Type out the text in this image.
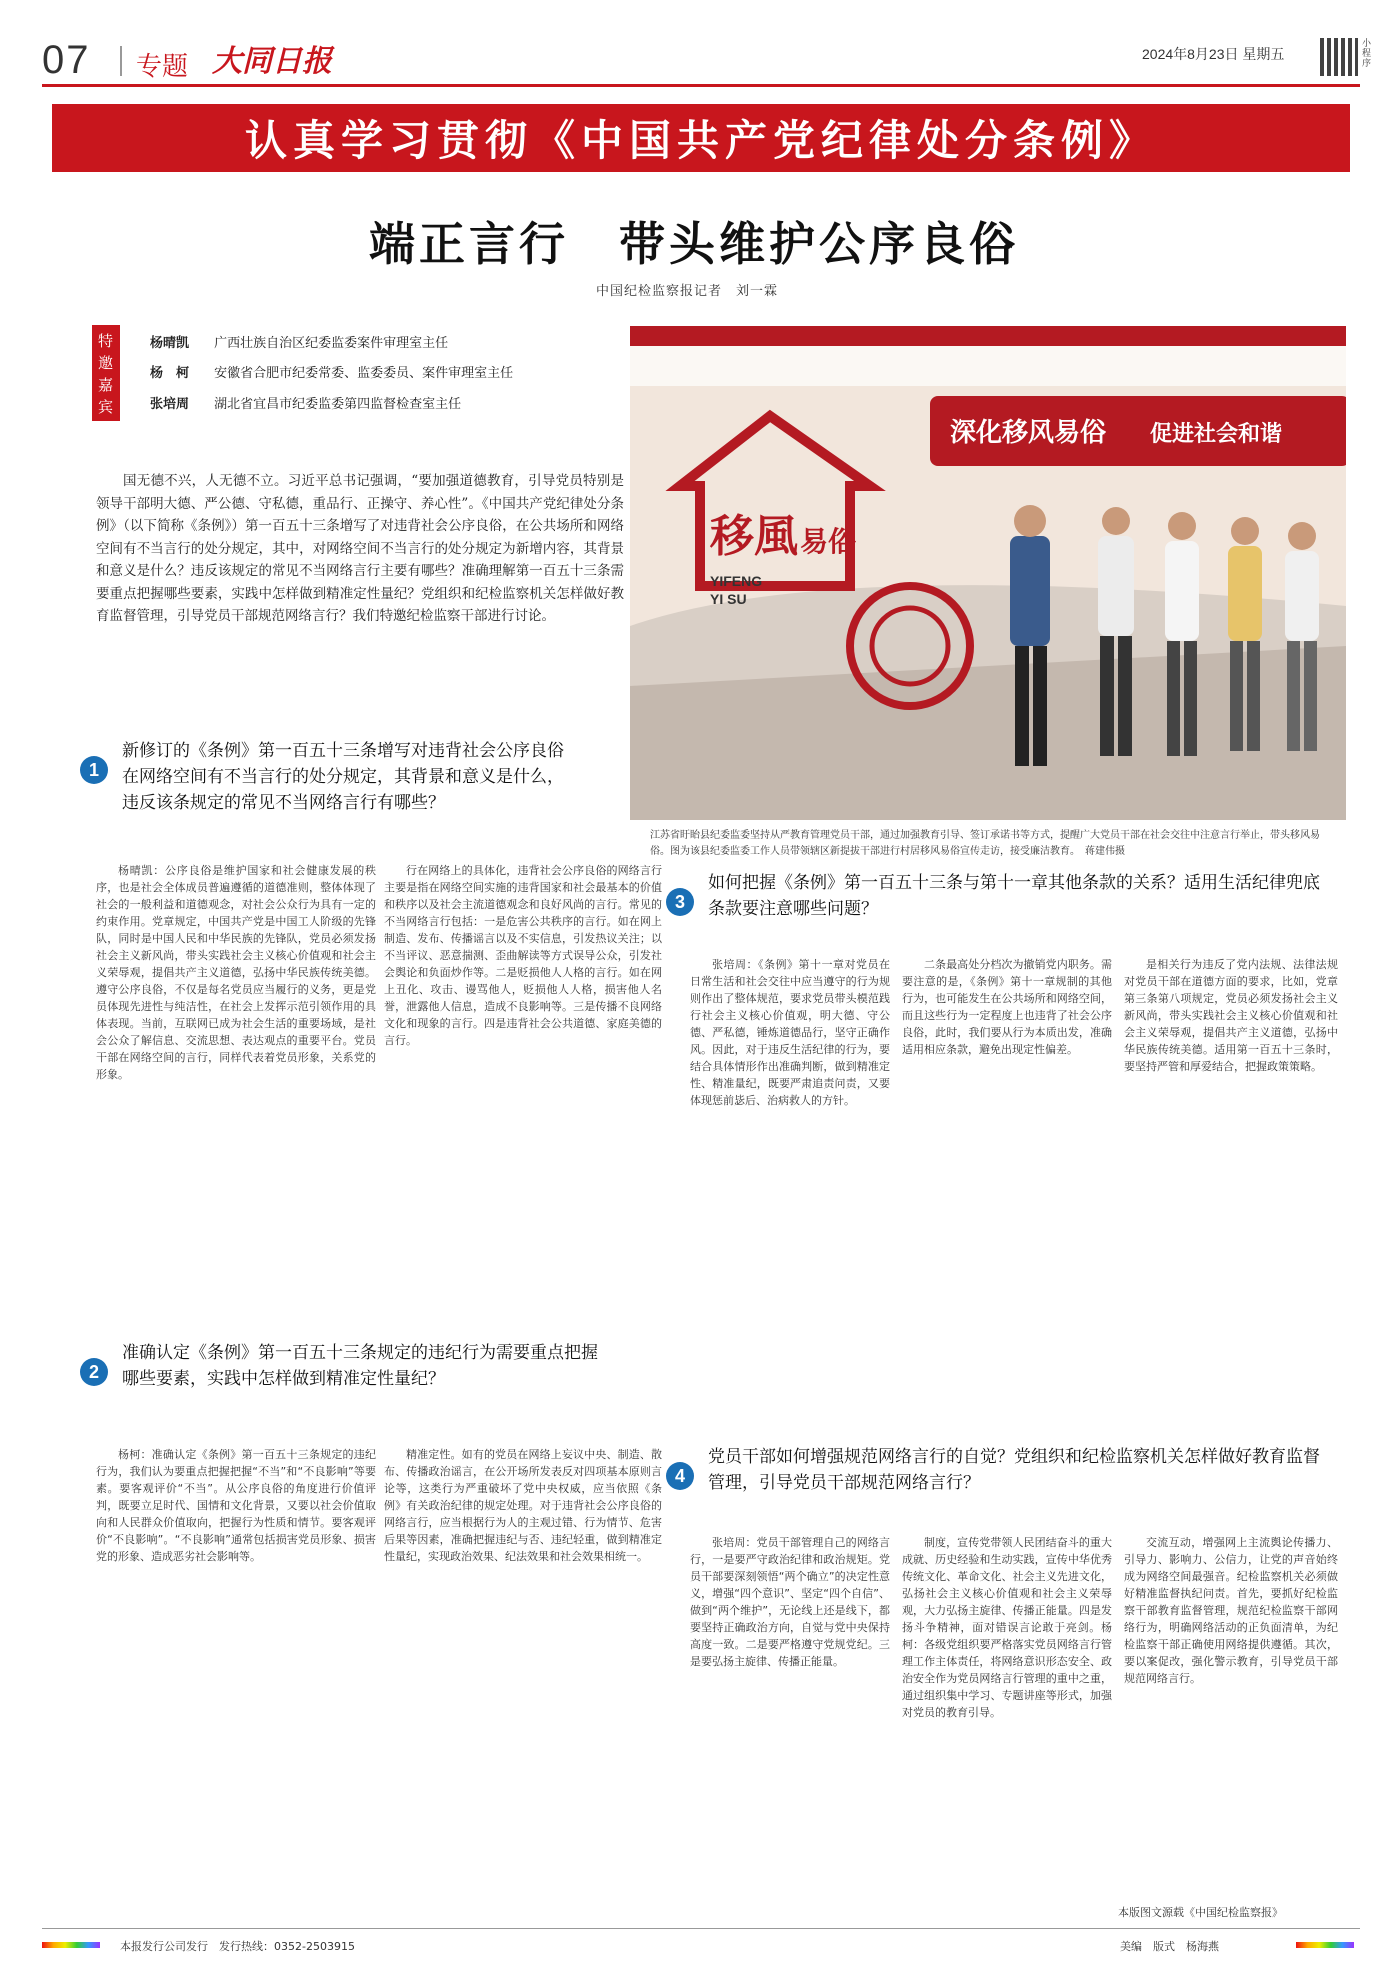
07 专题 大同日报	2024年8月23日 星期五
小程序
认真学习贯彻《中国共产党纪律处分条例》
端正言行　带头维护公序良俗
中国纪检监察报记者　刘一霖
特邀嘉宾
杨晴凯 广西壮族自治区纪委监委案件审理室主任
杨　柯 安徽省合肥市纪委常委、监委委员、案件审理室主任
张培周 湖北省宜昌市纪委监委第四监督检查室主任
国无德不兴，人无德不立。习近平总书记强调，“要加强道德教育，引导党员特别是领导干部明大德、严公德、守私德，重品行、正操守、养心性”。《中国共产党纪律处分条例》（以下简称《条例》）第一百五十三条增写了对违背社会公序良俗，在公共场所和网络空间有不当言行的处分规定，其中，对网络空间不当言行的处分规定为新增内容，其背景和意义是什么？违反该规定的常见不当网络言行主要有哪些？准确理解第一百五十三条需要重点把握哪些要素，实践中怎样做到精准定性量纪？党组织和纪检监察机关怎样做好教育监督管理，引导党员干部规范网络言行？我们特邀纪检监察干部进行讨论。
深化移风易俗 促进社会和谐
移風 易俗
YIFENG
YI SU
江苏省盱眙县纪委监委坚持从严教育管理党员干部，通过加强教育引导、签订承诺书等方式，提醒广大党员干部在社会交往中注意言行举止，带头移风易俗。图为该县纪委监委工作人员带领辖区新提拔干部进行村居移风易俗宣传走访，接受廉洁教育。　蒋建伟摄
1
新修订的《条例》第一百五十三条增写对违背社会公序良俗在网络空间有不当言行的处分规定，其背景和意义是什么，违反该条规定的常见不当网络言行有哪些？

杨晴凯：公序良俗是维护国家和社会健康发展的秩序，也是社会全体成员普遍遵循的道德准则，整体体现了社会的一般利益和道德观念，对社会公众行为具有一定的约束作用。党章规定，中国共产党是中国工人阶级的先锋队，同时是中国人民和中华民族的先锋队，党员必须发扬社会主义新风尚，带头实践社会主义核心价值观和社会主义荣辱观，提倡共产主义道德，弘扬中华民族传统美德。遵守公序良俗，不仅是每名党员应当履行的义务，更是党员体现先进性与纯洁性，在社会上发挥示范引领作用的具体表现。当前，互联网已成为社会生活的重要场域，是社会公众了解信息、交流思想、表达观点的重要平台。党员干部在网络空间的言行，同样代表着党员形象，关系党的形象。

行在网络上的具体化，违背社会公序良俗的网络言行主要是指在网络空间实施的违背国家和社会最基本的价值和秩序以及社会主流道德观念和良好风尚的言行。常见的不当网络言行包括：一是危害公共秩序的言行。如在网上制造、发布、传播谣言以及不实信息，引发热议关注；以不当评议、恶意揣测、歪曲解读等方式误导公众，引发社会舆论和负面炒作等。二是贬损他人人格的言行。如在网上丑化、攻击、谩骂他人，贬损他人人格，损害他人名誉，泄露他人信息，造成不良影响等。三是传播不良网络文化和现象的言行。四是违背社会公共道德、家庭美德的言行。

2
准确认定《条例》第一百五十三条规定的违纪行为需要重点把握哪些要素，实践中怎样做到精准定性量纪？

杨柯：准确认定《条例》第一百五十三条规定的违纪行为，我们认为要重点把握把握“不当”和“不良影响”等要素。要客观评价“不当”。从公序良俗的角度进行价值评判，既要立足时代、国情和文化背景，又要以社会价值取向和人民群众价值取向，把握行为性质和情节。要客观评价“不良影响”。“不良影响”通常包括损害党员形象、损害党的形象、造成恶劣社会影响等。

精准定性。如有的党员在网络上妄议中央、制造、散布、传播政治谣言，在公开场所发表反对四项基本原则言论等，这类行为严重破坏了党中央权威，应当依照《条例》有关政治纪律的规定处理。对于违背社会公序良俗的网络言行，应当根据行为人的主观过错、行为情节、危害后果等因素，准确把握违纪与否、违纪轻重，做到精准定性量纪，实现政治效果、纪法效果和社会效果相统一。

3
如何把握《条例》第一百五十三条与第十一章其他条款的关系？适用生活纪律兜底条款要注意哪些问题？

张培周：《条例》第十一章对党员在日常生活和社会交往中应当遵守的行为规则作出了整体规范，要求党员带头模范践行社会主义核心价值观，明大德、守公德、严私德，锤炼道德品行，坚守正确作风。因此，对于违反生活纪律的行为，要结合具体情形作出准确判断，做到精准定性、精准量纪，既要严肃追责问责，又要体现惩前毖后、治病救人的方针。

二条最高处分档次为撤销党内职务。需要注意的是，《条例》第十一章规制的其他行为，也可能发生在公共场所和网络空间，而且这些行为一定程度上也违背了社会公序良俗，此时，我们要从行为本质出发，准确适用相应条款，避免出现定性偏差。

是相关行为违反了党内法规、法律法规对党员干部在道德方面的要求，比如，党章第三条第八项规定，党员必须发扬社会主义新风尚，带头实践社会主义核心价值观和社会主义荣辱观，提倡共产主义道德，弘扬中华民族传统美德。适用第一百五十三条时，要坚持严管和厚爱结合，把握政策策略。

4
党员干部如何增强规范网络言行的自觉？党组织和纪检监察机关怎样做好教育监督管理，引导党员干部规范网络言行？

张培周：党员干部管理自己的网络言行，一是要严守政治纪律和政治规矩。党员干部要深刻领悟“两个确立”的决定性意义，增强“四个意识”、坚定“四个自信”、做到“两个维护”，无论线上还是线下，都要坚持正确政治方向，自觉与党中央保持高度一致。二是要严格遵守党规党纪。三是要弘扬主旋律、传播正能量。

制度，宣传党带领人民团结奋斗的重大成就、历史经验和生动实践，宣传中华优秀传统文化、革命文化、社会主义先进文化，弘扬社会主义核心价值观和社会主义荣辱观，大力弘扬主旋律、传播正能量。四是发扬斗争精神，面对错误言论敢于亮剑。杨柯：各级党组织要严格落实党员网络言行管理工作主体责任，将网络意识形态安全、政治安全作为党员网络言行管理的重中之重，通过组织集中学习、专题讲座等形式，加强对党员的教育引导。

交流互动，增强网上主流舆论传播力、引导力、影响力、公信力，让党的声音始终成为网络空间最强音。纪检监察机关必须做好精准监督执纪问责。首先，要抓好纪检监察干部教育监督管理，规范纪检监察干部网络行为，明确网络活动的正负面清单，为纪检监察干部正确使用网络提供遵循。其次，要以案促改，强化警示教育，引导党员干部规范网络言行。

本版图文源载《中国纪检监察报》
本报发行公司发行　发行热线：0352-2503915	美编　版式　杨海燕
